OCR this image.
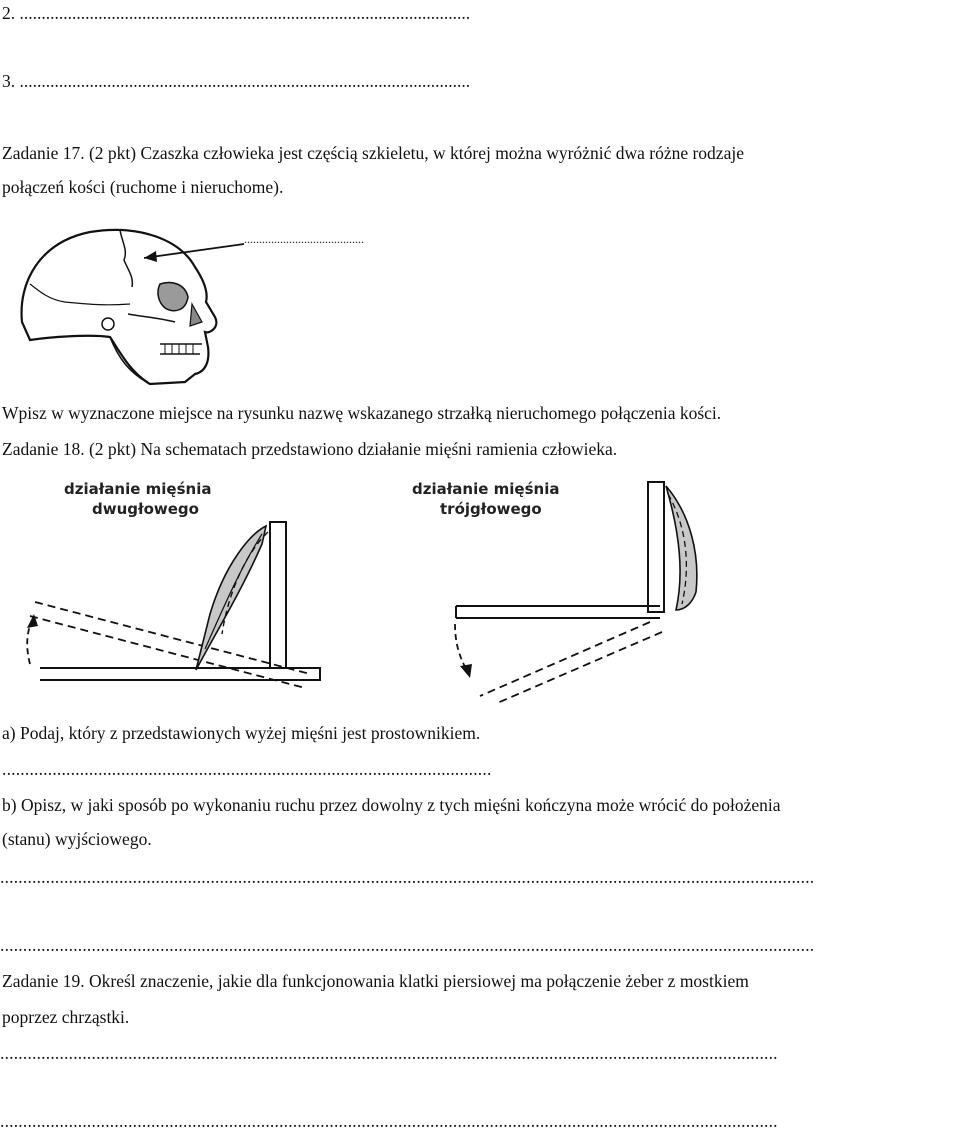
2. .......................................................................................................
3. .......................................................................................................
Zadanie 17. (2 pkt) Czaszka człowieka jest częścią szkieletu, w której można wyróżnić dwa różne rodzaje
połączeń kości (ruchome i nieruchome).
........................................
Wpisz w wyznaczone miejsce na rysunku nazwę wskazanego strzałką nieruchomego połączenia kości.
Zadanie 18. (2 pkt) Na schematach przedstawiono działanie mięśni ramienia człowieka.
działanie mięśnia
dwugłowego
działanie mięśnia
trójgłowego
a) Podaj, który z przedstawionych wyżej mięśni jest prostownikiem.
...........................................................................................................
b) Opisz, w jaki sposób po wykonaniu ruchu przez dowolny z tych mięśni kończyna może wrócić do położenia
(stanu) wyjściowego.
..................................................................................................................................................................................
..................................................................................................................................................................................
Zadanie 19. Określ znaczenie, jakie dla funkcjonowania klatki piersiowej ma połączenie żeber z mostkiem
poprzez chrząstki.
..........................................................................................................................................................................
..........................................................................................................................................................................
